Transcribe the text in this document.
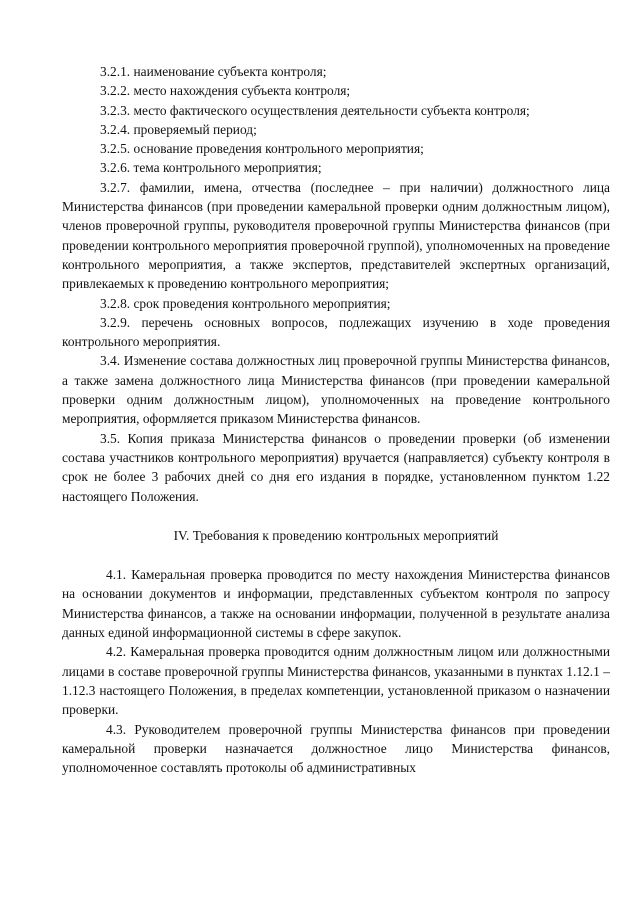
3.2.1. наименование субъекта контроля;

3.2.2. место нахождения субъекта контроля;

3.2.3. место фактического осуществления деятельности субъекта контроля;

3.2.4. проверяемый период;

3.2.5. основание проведения контрольного мероприятия;

3.2.6. тема контрольного мероприятия;

3.2.7. фамилии, имена, отчества (последнее – при наличии) должностного лица Министерства финансов (при проведении камеральной проверки одним должностным лицом), членов проверочной группы, руководителя проверочной группы Министерства финансов (при проведении контрольного мероприятия проверочной группой), уполномоченных на проведение контрольного мероприятия, а также экспертов, представителей экспертных организаций, привлекаемых к проведению контрольного мероприятия;

3.2.8. срок проведения контрольного мероприятия;

3.2.9. перечень основных вопросов, подлежащих изучению в ходе проведения контрольного мероприятия.

3.4. Изменение состава должностных лиц проверочной группы Министерства финансов, а также замена должностного лица Министерства финансов (при проведении камеральной проверки одним должностным лицом), уполномоченных на проведение контрольного мероприятия, оформляется приказом Министерства финансов.

3.5. Копия приказа Министерства финансов о проведении проверки (об изменении состава участников контрольного мероприятия) вручается (направляется) субъекту контроля в срок не более 3 рабочих дней со дня его издания в порядке, установленном пунктом 1.22 настоящего Положения.

IV. Требования к проведению контрольных мероприятий

4.1. Камеральная проверка проводится по месту нахождения Министерства финансов на основании документов и информации, представленных субъектом контроля по запросу Министерства финансов, а также на основании информации, полученной в результате анализа данных единой информационной системы в сфере закупок.

4.2. Камеральная проверка проводится одним должностным лицом или должностными лицами в составе проверочной группы Министерства финансов, указанными в пунктах 1.12.1 – 1.12.3 настоящего Положения, в пределах компетенции, установленной приказом о назначении проверки.

4.3. Руководителем проверочной группы Министерства финансов при проведении камеральной проверки назначается должностное лицо Министерства финансов, уполномоченное составлять протоколы об административных
